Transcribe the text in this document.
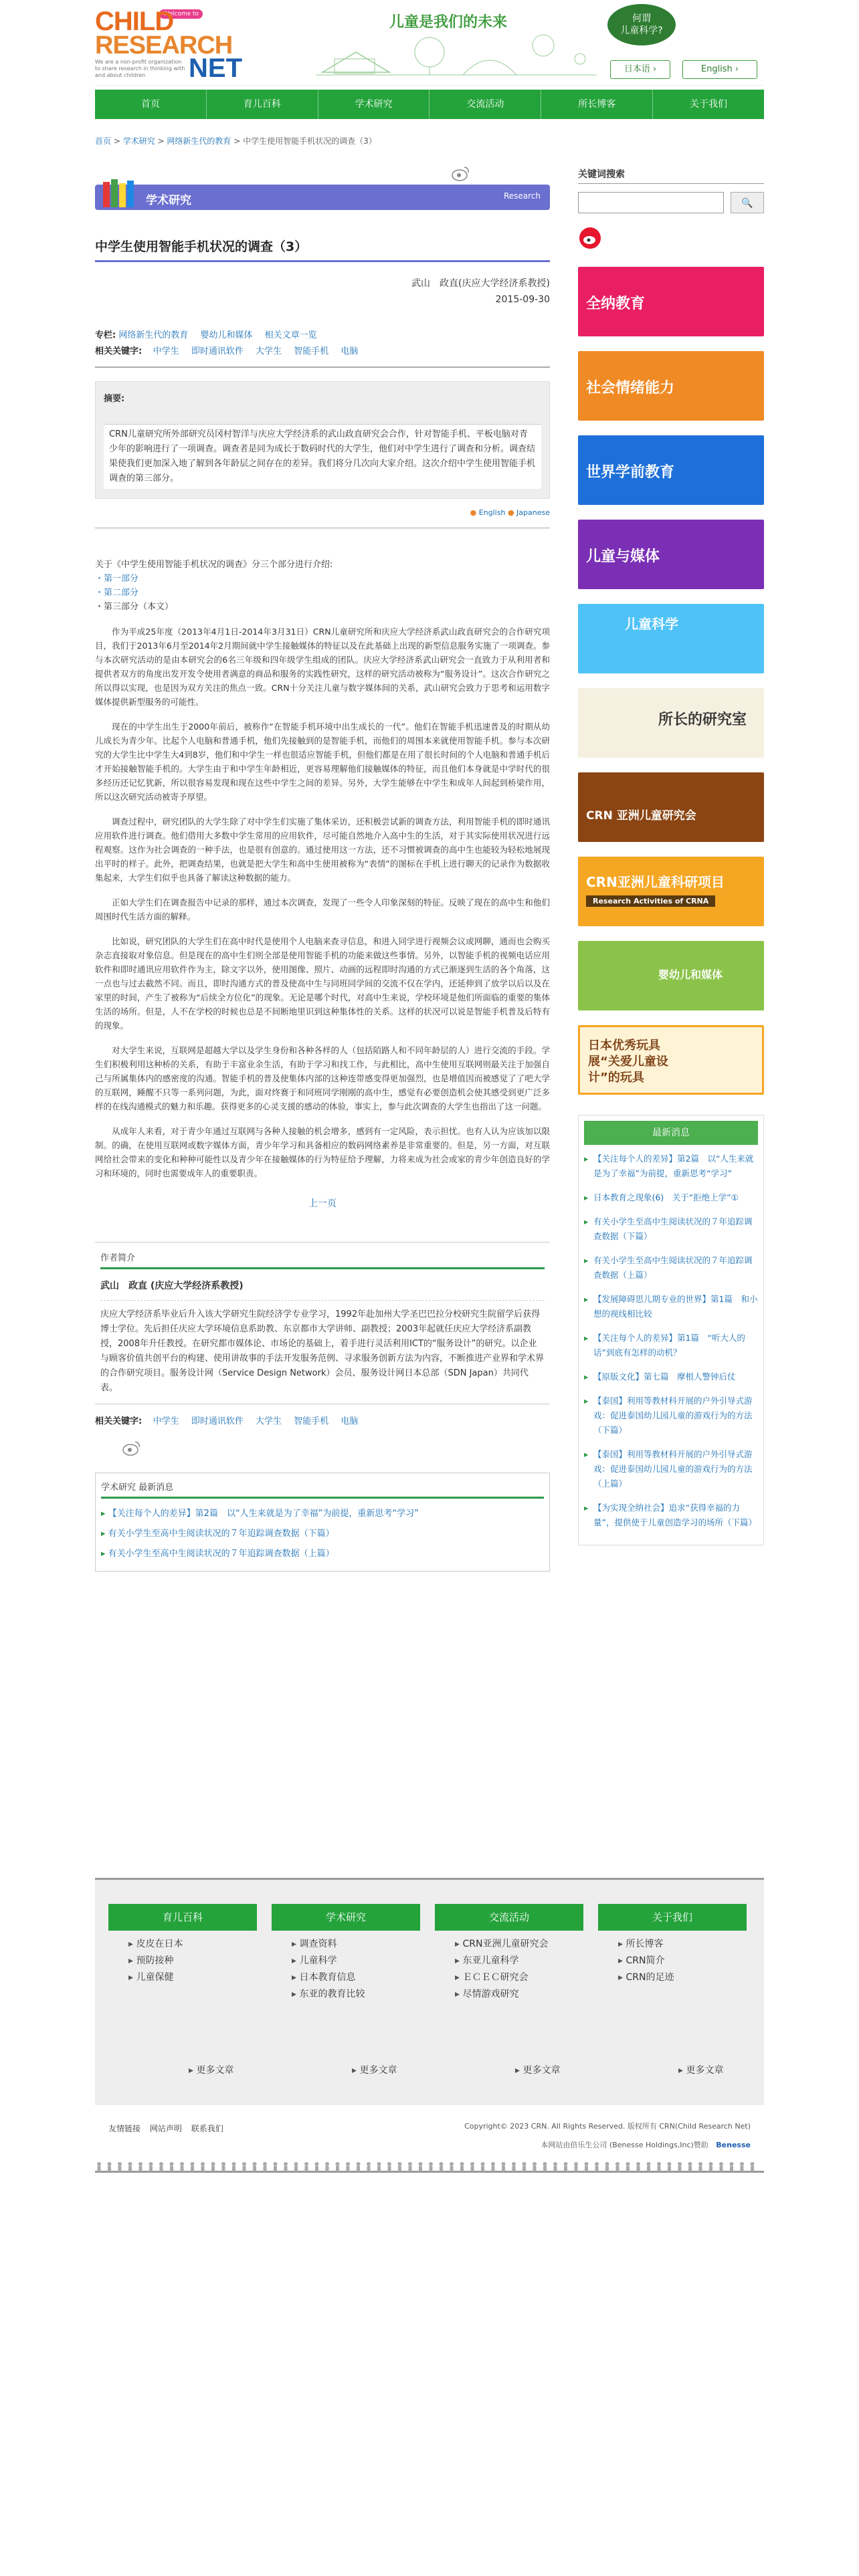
Welcome to
CHILD
RESEARCH
NET
We are a non-profit organization to share research in thinking with and about children
儿童是我们的未来	何谓
儿童科学?
日本语 ›	English ›
首页	育儿百科	学术研究	交流活动	所长博客	关于我们
首页 > 学术研究 > 网络新生代的教育 > 中学生使用智能手机状况的调查（3）
学术研究	Research
中学生使用智能手机状况的调查（3）
武山　政直(庆应大学经济系教授)
2015-09-30
专栏: 网络新生代的教育 婴幼儿和媒体 相关文章一览
相关关键字: 中学生 即时通讯软件 大学生 智能手机 电脑
摘要:
CRN儿童研究所外部研究员冈村智洋与庆应大学经济系的武山政直研究会合作，针对智能手机、平板电脑对青少年的影响进行了一项调查。调查者是同为成长于数码时代的大学生，他们对中学生进行了调查和分析。调查结果使我们更加深入地了解到各年龄层之间存在的差异。我们将分几次向大家介绍。这次介绍中学生使用智能手机调查的第三部分。
● English ● Japanese
关于《中学生使用智能手机状况的调查》分三个部分进行介绍:
・第一部分
・第二部分
・第三部分（本文）

作为平成25年度（2013年4月1日-2014年3月31日）CRN儿童研究所和庆应大学经济系武山政直研究会的合作研究项目，我们于2013年6月至2014年2月期间就中学生接触媒体的特征以及在此基础上出现的新型信息服务实施了一项调查。参与本次研究活动的是由本研究会的6名三年级和四年级学生组成的团队。庆应大学经济系武山研究会一直致力于从利用者和提供者双方的角度出发开发令使用者满意的商品和服务的实践性研究，这样的研究活动被称为“服务设计”。这次合作研究之所以得以实现，也是因为双方关注的焦点一致。CRN十分关注儿童与数字媒体间的关系，武山研究会致力于思考和运用数字媒体提供新型服务的可能性。

现在的中学生出生于2000年前后，被称作“在智能手机环境中出生成长的一代”。他们在智能手机迅速普及的时期从幼儿成长为青少年。比起个人电脑和普通手机，他们先接触到的是智能手机，而他们的周围本来就使用智能手机。参与本次研究的大学生比中学生大4到8岁，他们和中学生一样也很适应智能手机，但他们都是在用了很长时间的个人电脑和普通手机后才开始接触智能手机的。大学生由于和中学生年龄相近，更容易理解他们接触媒体的特征，而且他们本身就是中学时代的很多经历还记忆犹新，所以很容易发现和现在这些中学生之间的差异。另外，大学生能够在中学生和成年人间起到桥梁作用，所以这次研究活动被寄予厚望。

调查过程中，研究团队的大学生除了对中学生们实施了集体采访，还积极尝试新的调查方法，利用智能手机的即时通讯应用软件进行调查。他们借用大多数中学生常用的应用软件，尽可能自然地介入高中生的生活，对于其实际使用状况进行远程观察。这作为社会调查的一种手法，也是很有创意的。通过使用这一方法，还不习惯被调查的高中生也能较为轻松地展现出平时的样子。此外，把调查结果，也就是把大学生和高中生使用被称为“表情”的图标在手机上进行聊天的记录作为数据收集起来，大学生们似乎也具备了解读这种数据的能力。

正如大学生们在调查报告中记录的那样，通过本次调查，发现了一些令人印象深刻的特征。反映了现在的高中生和他们周围时代生活方面的解释。

比如说，研究团队的大学生们在高中时代是使用个人电脑来查寻信息，和进入同学进行视频会议或网聊，通而也会购买杂志直接取对象信息。但是现在的高中生们则全部是使用智能手机的功能来做这些事情。另外，以智能手机的视频电话应用软件和即时通讯应用软件作为主，除文字以外，使用图像、照片、动画的远程即时沟通的方式已渐逐到生活的各个角落，这一点也与过去截然不同。而且，即时沟通方式的普及使高中生与同班同学间的交流不仅在学内，还延伸到了放学以后以及在家里的时间，产生了被称为“后续全方位化”的现象。无论是哪个时代，对高中生来说，学校环境是他们所面临的重要的集体生活的场所。但是，人不在学校的时候也总是不间断地里识到这种集体性的关系。这样的状况可以说是智能手机普及后特有的现象。

对大学生来说，互联网是超越大学以及学生身份和各种各样的人（包括陌路人和不同年龄层的人）进行交流的手段。学生们积极利用这种桥的关系，有助于丰富业余生活，有助于学习和找工作，与此相比，高中生使用互联网则最关注于加强自己与所属集体内的感密度的沟通。智能手机的普及使集体内部的这种连带感变得更加强烈，也是增值因而被感觉了了吧大学的互联网，睡醒不只等一系列问题，为此，面对终赛于和同班同学刚刚的高中生，感觉有必要创造机会使其感受到更广泛多样的在线沟通模式的魅力和乐趣。获得更多的心灵支援的感动的体验，事实上，参与此次调查的大学生也指出了这一问题。

从成年人来看，对于青少年通过互联网与各种人接触的机会增多，感到有一定风险，表示担忧。也有人认为应该加以限制。的确，在使用互联网或数字媒体方面，青少年学习和具备相应的数码网络素养是非常重要的。但是，另一方面，对互联网给社会带来的变化和种种可能性以及青少年在接触媒体的行为特征给予理解，力将来成为社会或家的青少年创造良好的学习和环境的，同时也需要成年人的重要职责。

上一页
作者简介
武山　政直 (庆应大学经济系教授)
庆应大学经济系毕业后升入该大学研究生院经济学专业学习，1992年赴加州大学圣巴巴拉分校研究生院留学后获得博士学位。先后担任庆应大学环境信息系助教、东京都市大学讲师、副教授；2003年起就任庆应大学经济系副教授，2008年升任教授。在研究都市媒体论、市场论的基础上，着手进行灵活利用ICT的“服务设计”的研究。以企业与顾客价值共创平台的构建、使用讲故事的手法开发服务范例、寻求服务创新方法为内容，不断推进产业界和学术界的合作研究项目。服务设计网（Service Design Network）会员、服务设计网日本总部（SDN Japan）共同代表。
相关关键字: 中学生 即时通讯软件 大学生 智能手机 电脑
学术研究 最新消息
▸ 【关注每个人的差异】第2篇　以“人生来就是为了幸福”为前提，重新思考“学习”
▸ 有关小学生至高中生阅读状况的７年追踪调查数据（下篇）
▸ 有关小学生至高中生阅读状况的７年追踪调查数据（上篇）
关键词搜索
🔍
全纳教育
社会情绪能力
世界学前教育
儿童与媒体
儿童科学
所长的研究室
CRN 亚洲儿童研究会
CRN亚洲儿童科研项目
Research Activities of CRNA
婴幼儿和媒体
日本优秀玩具展“关爱儿童设计”的玩具
最新消息
▸ 【关注每个人的差异】第2篇　以“人生来就是为了幸福”为前提，重新思考“学习”
▸ 日本教育之现象(6)　关于“拒绝上学”①
▸ 有关小学生至高中生阅读状况的７年追踪调查数据（下篇）
▸ 有关小学生至高中生阅读状况的７年追踪调查数据（上篇）
▸ 【发展障碍思儿期专业的世界】第1篇　和小想的视线相比较
▸ 【关注每个人的差异】第1篇　“听大人的话”到底有怎样的动机？
▸ 【原版文化】第七篇　摩根人警钟后仗
▸ 【泰国】利用等教材科开展的户外引导式游戏：促进泰国幼儿园儿童的游戏行为的方法（下篇）
▸ 【泰国】利用等教材科开展的户外引导式游戏：促进泰国幼儿园儿童的游戏行为的方法（上篇）
▸ 【为实现全纳社会】追求“获得幸福的力量”，提供使于儿童创造学习的场所（下篇）
育儿百科
▸ 皮皮在日本
▸ 预防接种
▸ 儿童保健
学术研究
▸ 调查资料
▸ 儿童科学
▸ 日本教育信息
▸ 东亚的教育比较
交流活动
▸ CRN亚洲儿童研究会
▸ 东亚儿童科学
▸ ＥＣＥＣ研究会
▸ 尽情游戏研究
关于我们
▸ 所长博客
▸ CRN简介
▸ CRN的足迹
▸ 更多文章	▸ 更多文章	▸ 更多文章	▸ 更多文章
友情链接 网站声明 联系我们	Copyright© 2023 CRN. All Rights Reserved. 版权所有 CRN(Child Research Net)
本网站由倍乐生公司 (Benesse Holdings,Inc)赞助 Benesse
